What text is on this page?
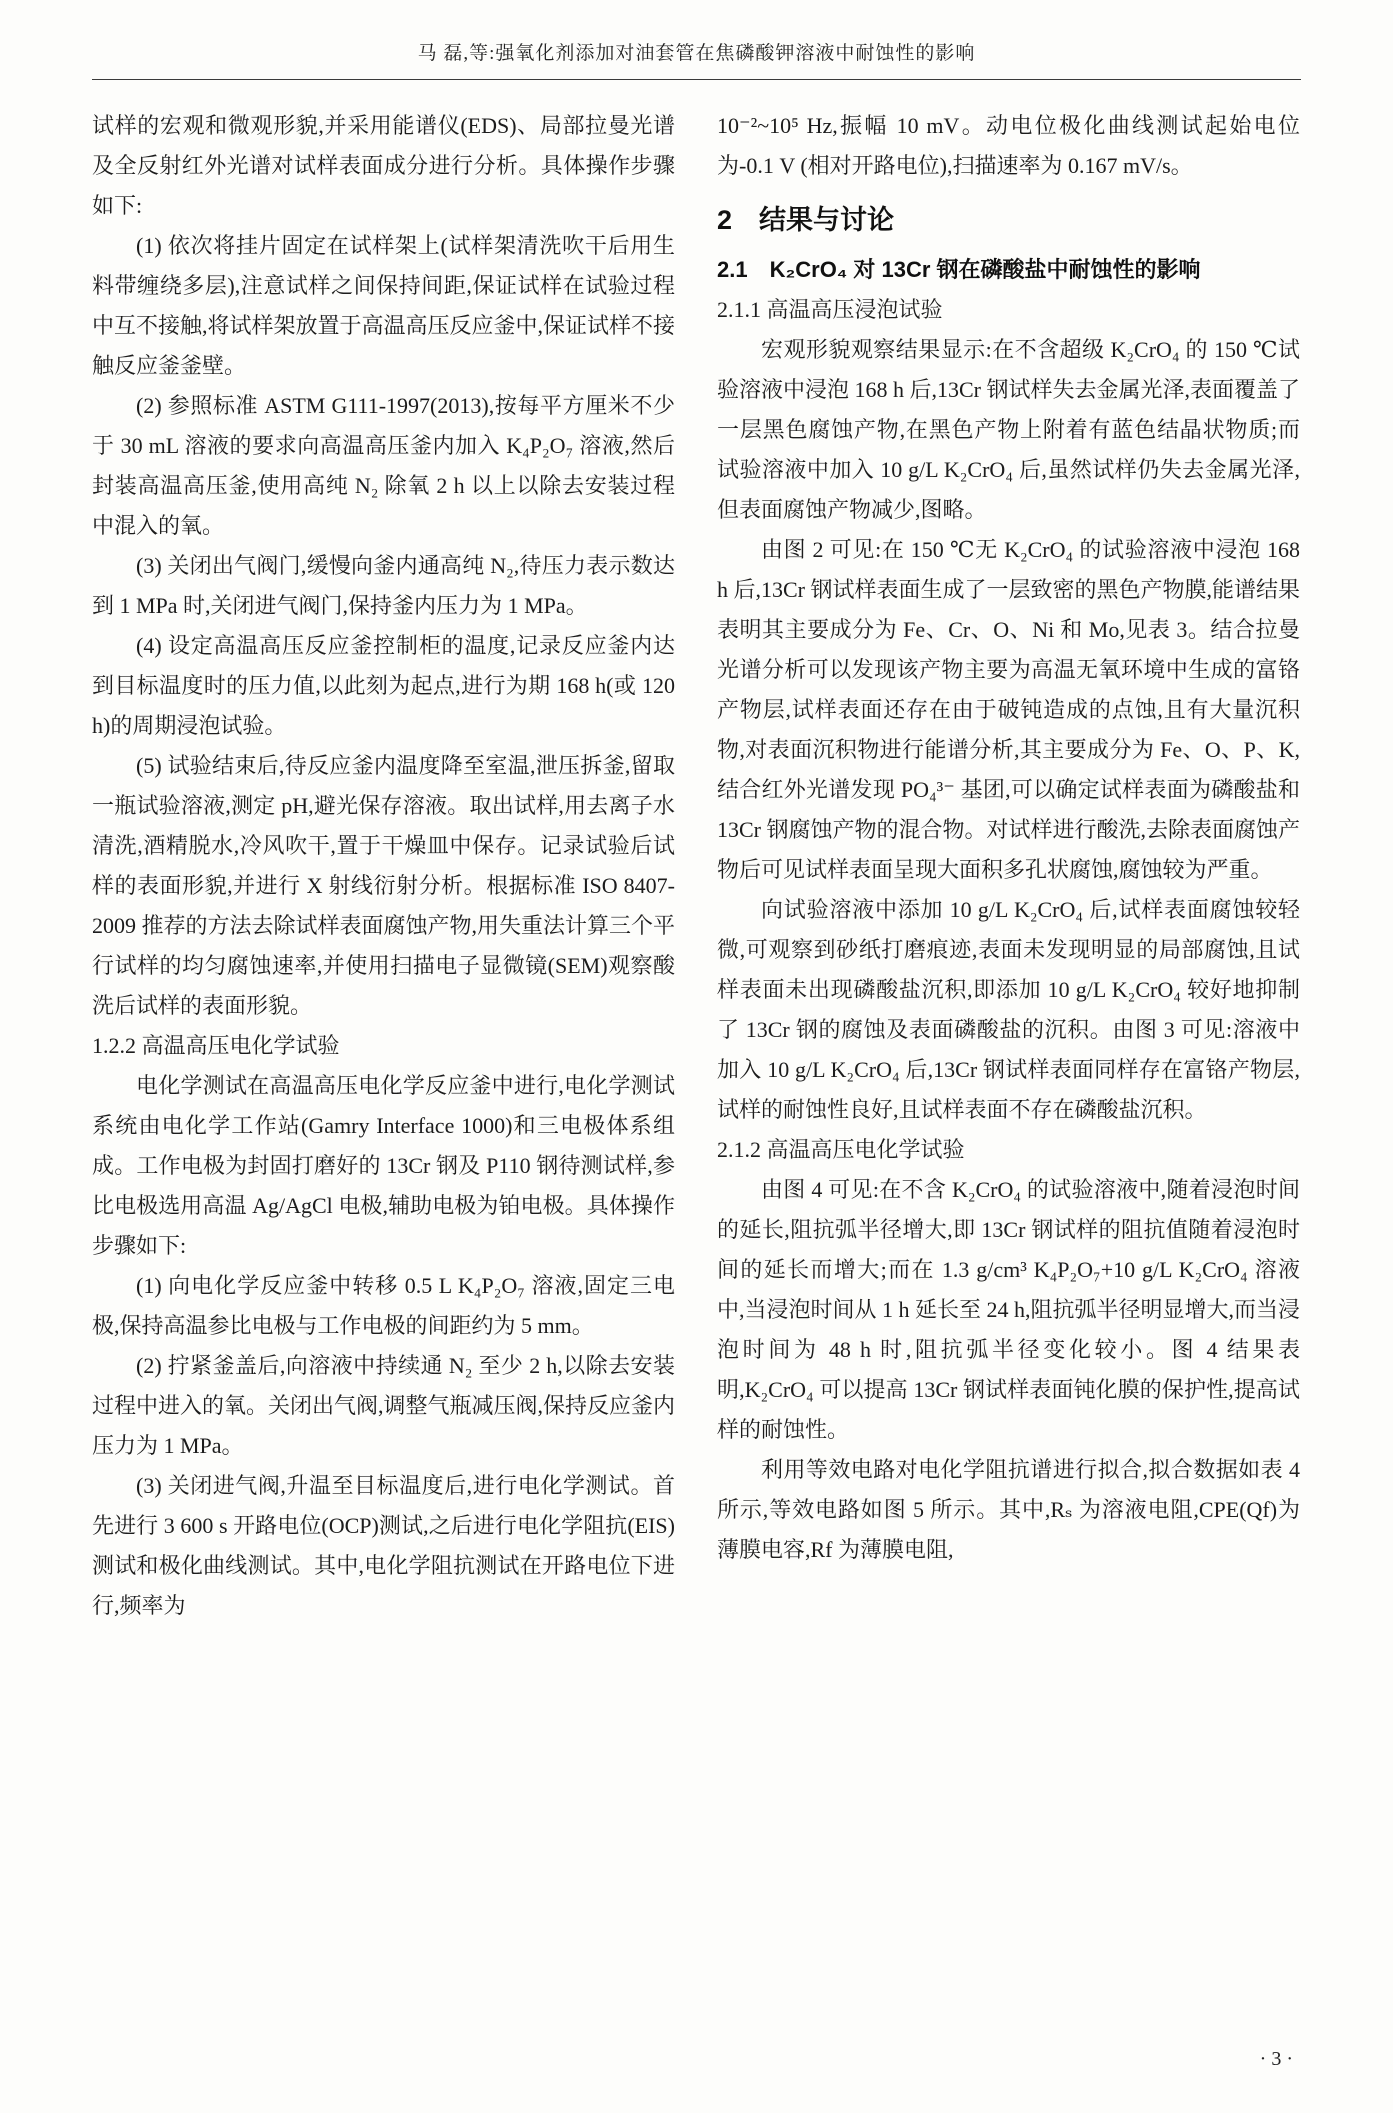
马 磊,等:强氧化剂添加对油套管在焦磷酸钾溶液中耐蚀性的影响

试样的宏观和微观形貌,并采用能谱仪(EDS)、局部拉曼光谱及全反射红外光谱对试样表面成分进行分析。具体操作步骤如下:

(1) 依次将挂片固定在试样架上(试样架清洗吹干后用生料带缠绕多层),注意试样之间保持间距,保证试样在试验过程中互不接触,将试样架放置于高温高压反应釜中,保证试样不接触反应釜釜壁。

(2) 参照标准 ASTM G111-1997(2013),按每平方厘米不少于 30 mL 溶液的要求向高温高压釜内加入 K₄P₂O₇ 溶液,然后封装高温高压釜,使用高纯 N₂ 除氧 2 h 以上以除去安装过程中混入的氧。

(3) 关闭出气阀门,缓慢向釜内通高纯 N₂,待压力表示数达到 1 MPa 时,关闭进气阀门,保持釜内压力为 1 MPa。

(4) 设定高温高压反应釜控制柜的温度,记录反应釜内达到目标温度时的压力值,以此刻为起点,进行为期 168 h(或 120 h)的周期浸泡试验。

(5) 试验结束后,待反应釜内温度降至室温,泄压拆釜,留取一瓶试验溶液,测定 pH,避光保存溶液。取出试样,用去离子水清洗,酒精脱水,冷风吹干,置于干燥皿中保存。记录试验后试样的表面形貌,并进行 X 射线衍射分析。根据标准 ISO 8407-2009 推荐的方法去除试样表面腐蚀产物,用失重法计算三个平行试样的均匀腐蚀速率,并使用扫描电子显微镜(SEM)观察酸洗后试样的表面形貌。

1.2.2 高温高压电化学试验

电化学测试在高温高压电化学反应釜中进行,电化学测试系统由电化学工作站(Gamry Interface 1000)和三电极体系组成。工作电极为封固打磨好的 13Cr 钢及 P110 钢待测试样,参比电极选用高温 Ag/AgCl 电极,辅助电极为铂电极。具体操作步骤如下:

(1) 向电化学反应釜中转移 0.5 L K₄P₂O₇ 溶液,固定三电极,保持高温参比电极与工作电极的间距约为 5 mm。

(2) 拧紧釜盖后,向溶液中持续通 N₂ 至少 2 h,以除去安装过程中进入的氧。关闭出气阀,调整气瓶减压阀,保持反应釜内压力为 1 MPa。

(3) 关闭进气阀,升温至目标温度后,进行电化学测试。首先进行 3 600 s 开路电位(OCP)测试,之后进行电化学阻抗(EIS)测试和极化曲线测试。其中,电化学阻抗测试在开路电位下进行,频率为

10⁻²~10⁵ Hz,振幅 10 mV。动电位极化曲线测试起始电位为-0.1 V (相对开路电位),扫描速率为 0.167 mV/s。

2　结果与讨论

2.1　K₂CrO₄ 对 13Cr 钢在磷酸盐中耐蚀性的影响

2.1.1 高温高压浸泡试验

宏观形貌观察结果显示:在不含超级 K₂CrO₄ 的 150 ℃试验溶液中浸泡 168 h 后,13Cr 钢试样失去金属光泽,表面覆盖了一层黑色腐蚀产物,在黑色产物上附着有蓝色结晶状物质;而试验溶液中加入 10 g/L K₂CrO₄ 后,虽然试样仍失去金属光泽,但表面腐蚀产物减少,图略。

由图 2 可见:在 150 ℃无 K₂CrO₄ 的试验溶液中浸泡 168 h 后,13Cr 钢试样表面生成了一层致密的黑色产物膜,能谱结果表明其主要成分为 Fe、Cr、O、Ni 和 Mo,见表 3。结合拉曼光谱分析可以发现该产物主要为高温无氧环境中生成的富铬产物层,试样表面还存在由于破钝造成的点蚀,且有大量沉积物,对表面沉积物进行能谱分析,其主要成分为 Fe、O、P、K,结合红外光谱发现 PO₄³⁻ 基团,可以确定试样表面为磷酸盐和 13Cr 钢腐蚀产物的混合物。对试样进行酸洗,去除表面腐蚀产物后可见试样表面呈现大面积多孔状腐蚀,腐蚀较为严重。

向试验溶液中添加 10 g/L K₂CrO₄ 后,试样表面腐蚀较轻微,可观察到砂纸打磨痕迹,表面未发现明显的局部腐蚀,且试样表面未出现磷酸盐沉积,即添加 10 g/L K₂CrO₄ 较好地抑制了 13Cr 钢的腐蚀及表面磷酸盐的沉积。由图 3 可见:溶液中加入 10 g/L K₂CrO₄ 后,13Cr 钢试样表面同样存在富铬产物层,试样的耐蚀性良好,且试样表面不存在磷酸盐沉积。

2.1.2 高温高压电化学试验

由图 4 可见:在不含 K₂CrO₄ 的试验溶液中,随着浸泡时间的延长,阻抗弧半径增大,即 13Cr 钢试样的阻抗值随着浸泡时间的延长而增大;而在 1.3 g/cm³ K₄P₂O₇+10 g/L K₂CrO₄ 溶液中,当浸泡时间从 1 h 延长至 24 h,阻抗弧半径明显增大,而当浸泡时间为 48 h 时,阻抗弧半径变化较小。图 4 结果表明,K₂CrO₄ 可以提高 13Cr 钢试样表面钝化膜的保护性,提高试样的耐蚀性。

利用等效电路对电化学阻抗谱进行拟合,拟合数据如表 4 所示,等效电路如图 5 所示。其中,Rₛ 为溶液电阻,CPE(Qf)为薄膜电容,Rf 为薄膜电阻,

· 3 ·
